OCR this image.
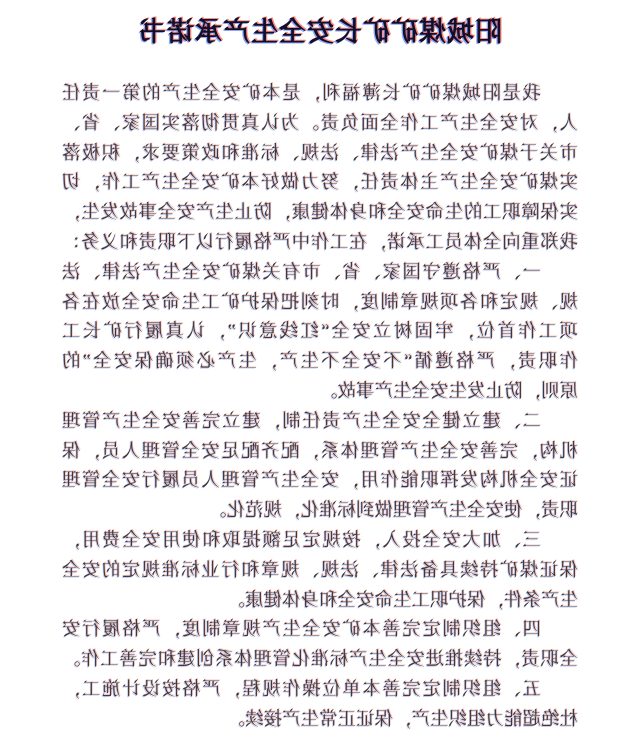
阳城煤矿矿长安全生产承诺书
我是阳城煤矿矿长薄福利，是本矿安全生产的第一责任
人，对安全生产工作全面负责。为认真贯彻落实国家、省、
市关于煤矿安全生产法律、法规、标准和政策要求，积极落
实煤矿安全生产主体责任，努力做好本矿安全生产工作，切
实保障职工的生命安全和身体健康，防止生产安全事故发生，
我郑重向全体员工承诺，在工作中严格履行以下职责和义务：
一、严格遵守国家、省、市有关煤矿安全生产法律、法
规、规定和各项规章制度，时刻把保护矿工生命安全放在各
项工作首位，牢固树立安全“红线意识”，认真履行矿长工
作职责，严格遵循“不安全不生产，生产必须确保安全”的
原则，防止发生安全生产事故。
二、建立健全安全生产责任制，建立完善安全生产管理
机构，完善安全生产管理体系，配齐配足安全管理人员，保
证安全机构发挥职能作用，安全生产管理人员履行安全管理
职责，使安全生产管理做到标准化，规范化。
三、加大安全投入，按规定足额提取和使用安全费用，
保证煤矿持续具备法律、法规、规章和行业标准规定的安全
生产条件，保护职工生命安全和身体健康。
四、组织制定完善本矿安全生产规章制度，严格履行安
全职责，持续推进安全生产标准化管理体系创建和完善工作。
五、组织制定完善本单位操作规程，严格按设计施工，
杜绝超能力组织生产，保证正常生产接续。
